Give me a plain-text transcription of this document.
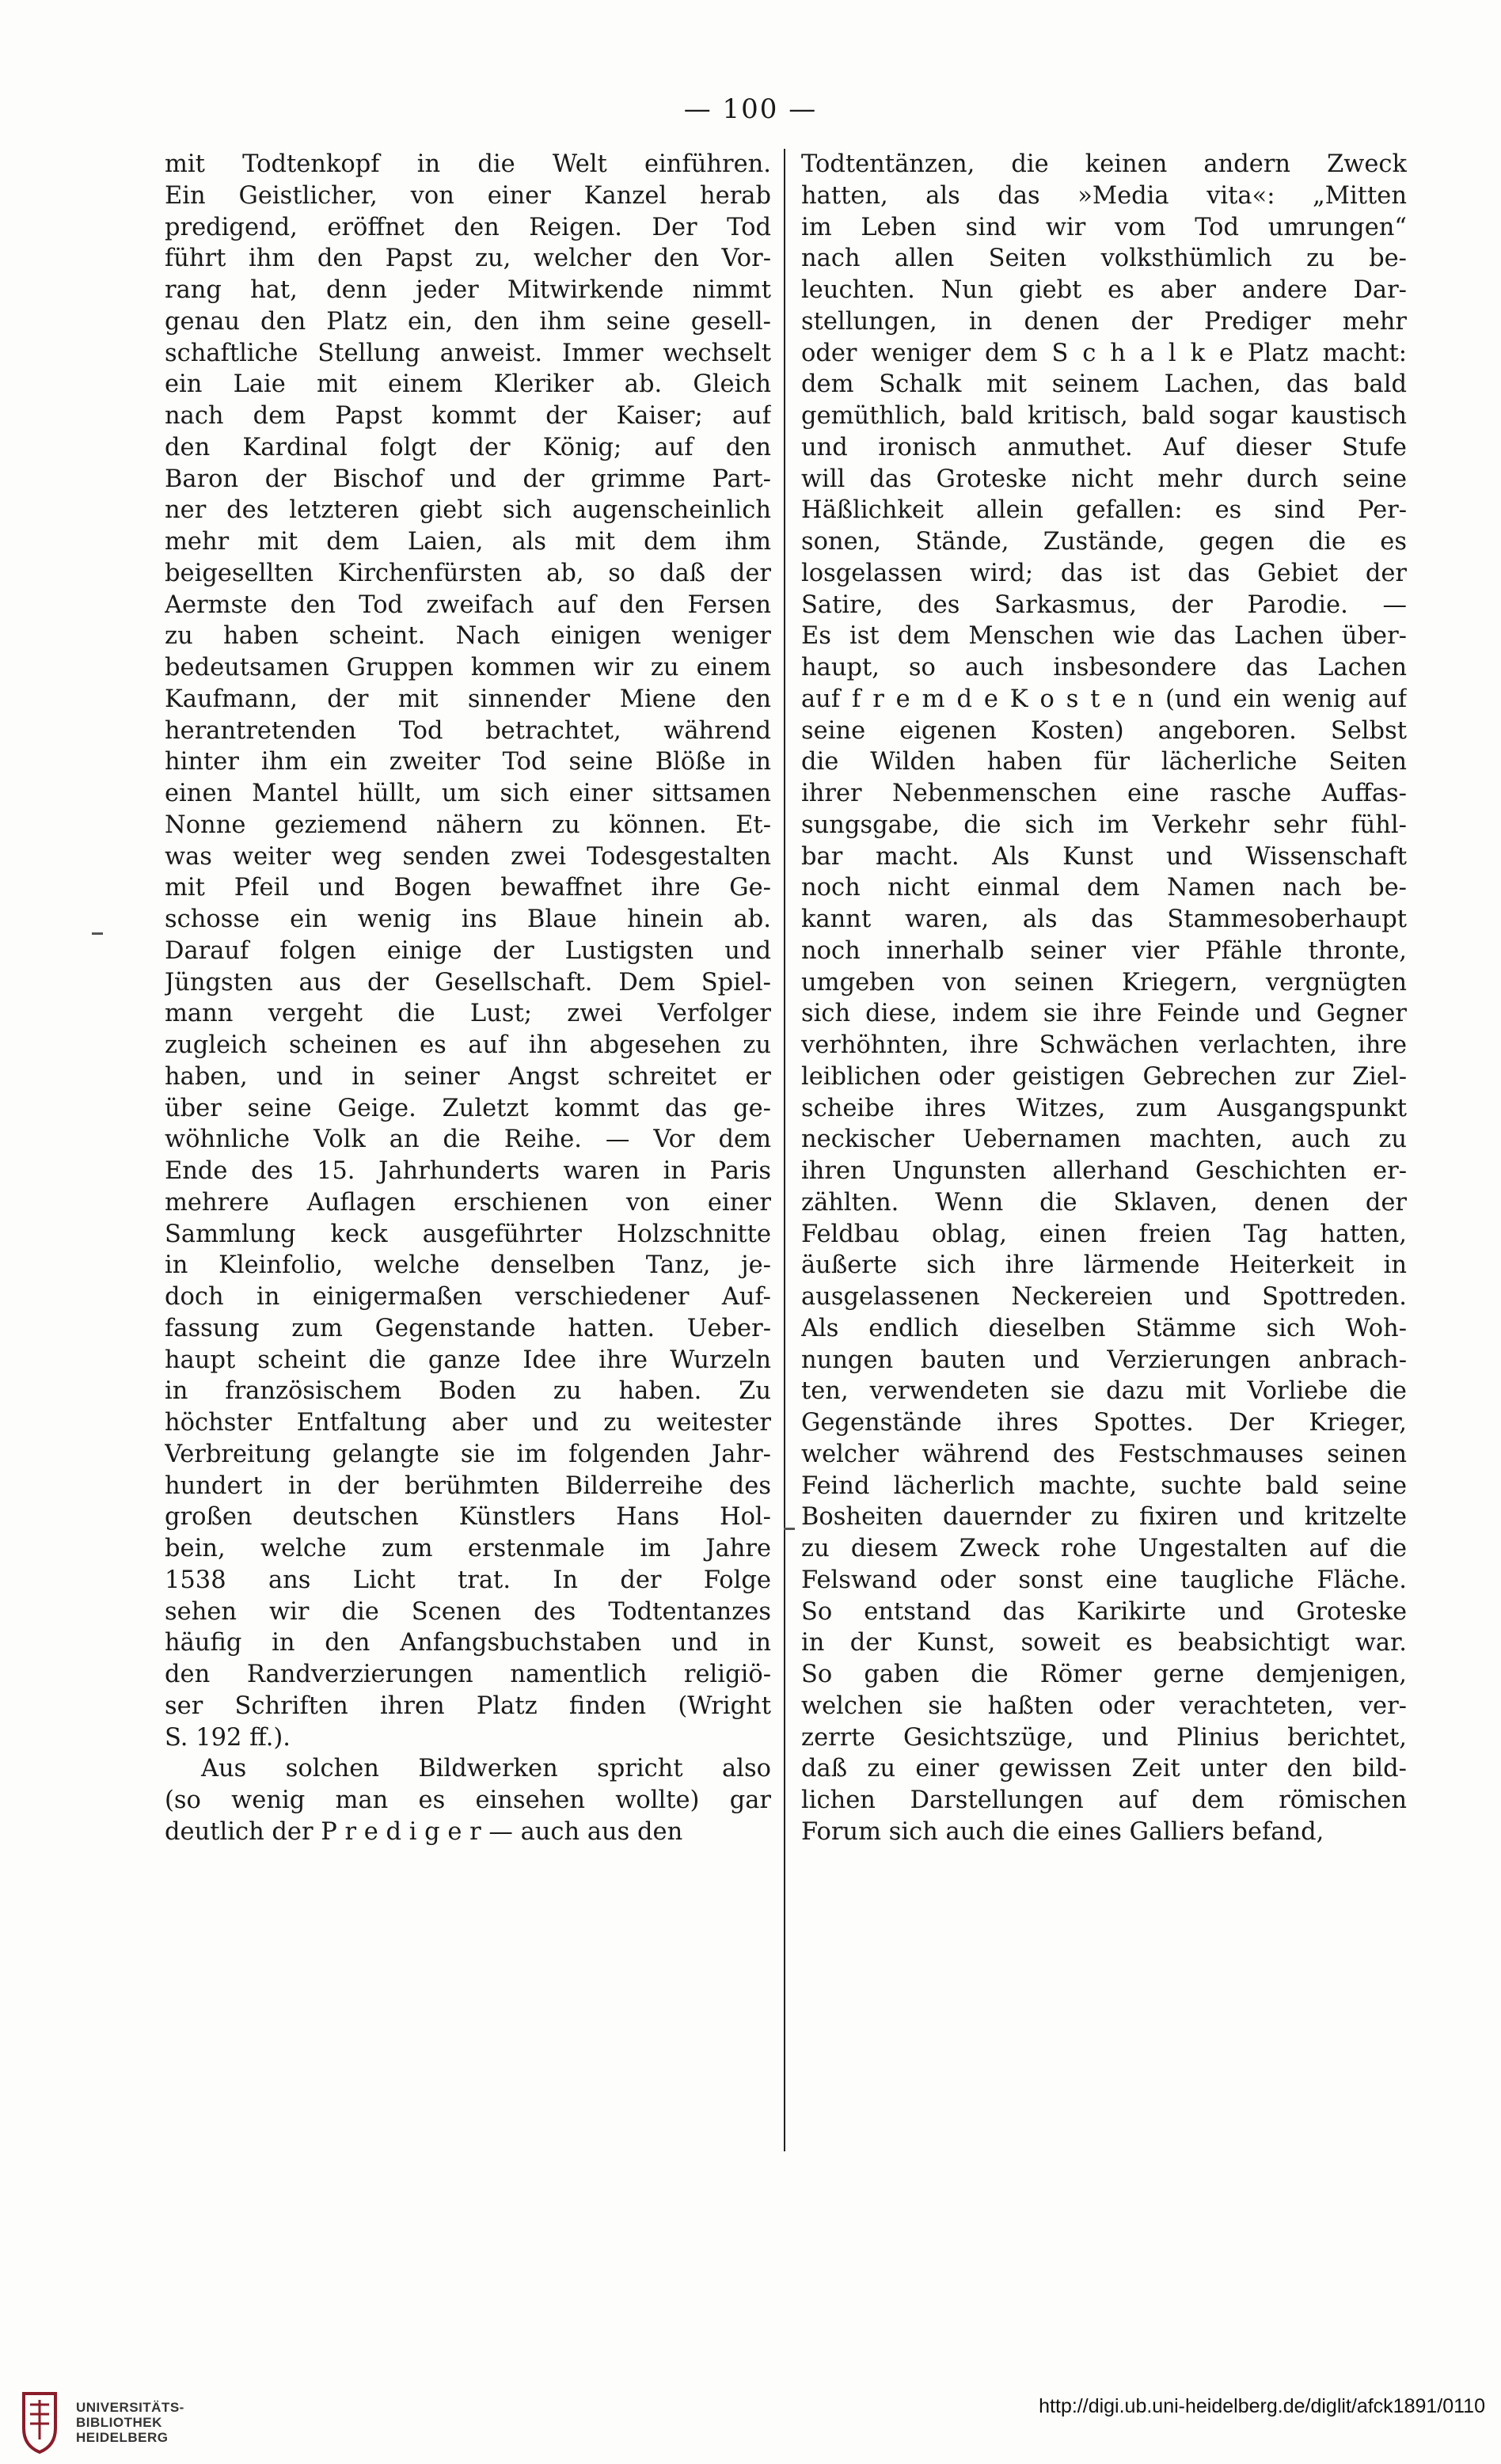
— 100 —
mit Todtenkopf in die Welt einführen.
Ein Geistlicher, von einer Kanzel herab
predigend, eröffnet den Reigen. Der Tod
führt ihm den Papst zu, welcher den Vor-
rang hat, denn jeder Mitwirkende nimmt
genau den Platz ein, den ihm seine gesell-
schaftliche Stellung anweist. Immer wechselt
ein Laie mit einem Kleriker ab. Gleich
nach dem Papst kommt der Kaiser; auf
den Kardinal folgt der König; auf den
Baron der Bischof und der grimme Part-
ner des letzteren giebt sich augenscheinlich
mehr mit dem Laien, als mit dem ihm
beigesellten Kirchenfürsten ab, so daß der
Aermste den Tod zweifach auf den Fersen
zu haben scheint. Nach einigen weniger
bedeutsamen Gruppen kommen wir zu einem
Kaufmann, der mit sinnender Miene den
herantretenden Tod betrachtet, während
hinter ihm ein zweiter Tod seine Blöße in
einen Mantel hüllt, um sich einer sittsamen
Nonne geziemend nähern zu können. Et-
was weiter weg senden zwei Todesgestalten
mit Pfeil und Bogen bewaffnet ihre Ge-
schosse ein wenig ins Blaue hinein ab.
Darauf folgen einige der Lustigsten und
Jüngsten aus der Gesellschaft. Dem Spiel-
mann vergeht die Lust; zwei Verfolger
zugleich scheinen es auf ihn abgesehen zu
haben, und in seiner Angst schreitet er
über seine Geige. Zuletzt kommt das ge-
wöhnliche Volk an die Reihe. — Vor dem
Ende des 15. Jahrhunderts waren in Paris
mehrere Auflagen erschienen von einer
Sammlung keck ausgeführter Holzschnitte
in Kleinfolio, welche denselben Tanz, je-
doch in einigermaßen verschiedener Auf-
fassung zum Gegenstande hatten. Ueber-
haupt scheint die ganze Idee ihre Wurzeln
in französischem Boden zu haben. Zu
höchster Entfaltung aber und zu weitester
Verbreitung gelangte sie im folgenden Jahr-
hundert in der berühmten Bilderreihe des
großen deutschen Künstlers Hans Hol-
bein, welche zum erstenmale im Jahre
1538 ans Licht trat. In der Folge
sehen wir die Scenen des Todtentanzes
häufig in den Anfangsbuchstaben und in
den Randverzierungen namentlich religiö-
ser Schriften ihren Platz finden (Wright
S. 192 ff.).
Aus solchen Bildwerken spricht also
(so wenig man es einsehen wollte) gar
deutlich der P r e d i g e r — auch aus den
Todtentänzen, die keinen andern Zweck
hatten, als das »Media vita«: „Mitten
im Leben sind wir vom Tod umrungen“
nach allen Seiten volksthümlich zu be-
leuchten. Nun giebt es aber andere Dar-
stellungen, in denen der Prediger mehr
oder weniger dem S c h a l k e Platz macht:
dem Schalk mit seinem Lachen, das bald
gemüthlich, bald kritisch, bald sogar kaustisch
und ironisch anmuthet. Auf dieser Stufe
will das Groteske nicht mehr durch seine
Häßlichkeit allein gefallen: es sind Per-
sonen, Stände, Zustände, gegen die es
losgelassen wird; das ist das Gebiet der
Satire, des Sarkasmus, der Parodie. —
Es ist dem Menschen wie das Lachen über-
haupt, so auch insbesondere das Lachen
auf f r e m d e K o s t e n (und ein wenig auf
seine eigenen Kosten) angeboren. Selbst
die Wilden haben für lächerliche Seiten
ihrer Nebenmenschen eine rasche Auffas-
sungsgabe, die sich im Verkehr sehr fühl-
bar macht. Als Kunst und Wissenschaft
noch nicht einmal dem Namen nach be-
kannt waren, als das Stammesoberhaupt
noch innerhalb seiner vier Pfähle thronte,
umgeben von seinen Kriegern, vergnügten
sich diese, indem sie ihre Feinde und Gegner
verhöhnten, ihre Schwächen verlachten, ihre
leiblichen oder geistigen Gebrechen zur Ziel-
scheibe ihres Witzes, zum Ausgangspunkt
neckischer Uebernamen machten, auch zu
ihren Ungunsten allerhand Geschichten er-
zählten. Wenn die Sklaven, denen der
Feldbau oblag, einen freien Tag hatten,
äußerte sich ihre lärmende Heiterkeit in
ausgelassenen Neckereien und Spottreden.
Als endlich dieselben Stämme sich Woh-
nungen bauten und Verzierungen anbrach-
ten, verwendeten sie dazu mit Vorliebe die
Gegenstände ihres Spottes. Der Krieger,
welcher während des Festschmauses seinen
Feind lächerlich machte, suchte bald seine
Bosheiten dauernder zu fixiren und kritzelte
zu diesem Zweck rohe Ungestalten auf die
Felswand oder sonst eine taugliche Fläche.
So entstand das Karikirte und Groteske
in der Kunst, soweit es beabsichtigt war.
So gaben die Römer gerne demjenigen,
welchen sie haßten oder verachteten, ver-
zerrte Gesichtszüge, und Plinius berichtet,
daß zu einer gewissen Zeit unter den bild-
lichen Darstellungen auf dem römischen
Forum sich auch die eines Galliers befand,
UNIVERSITÄTS-
BIBLIOTHEK
HEIDELBERG
http://digi.ub.uni-heidelberg.de/diglit/afck1891/0110
